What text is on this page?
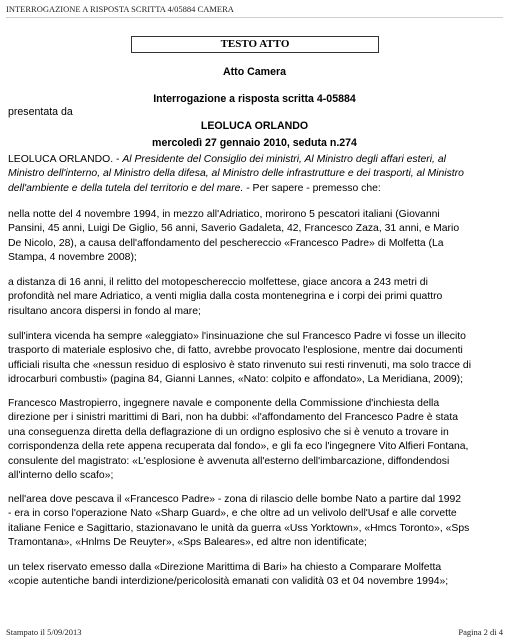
INTERROGAZIONE A RISPOSTA SCRITTA 4/05884 CAMERA
TESTO ATTO
Atto Camera
Interrogazione a risposta scritta 4-05884
presentata da
LEOLUCA ORLANDO
mercoledì 27 gennaio 2010, seduta n.274
LEOLUCA ORLANDO. - Al Presidente del Consiglio dei ministri, Al Ministro degli affari esteri, al
Ministro dell'interno, al Ministro della difesa, al Ministro delle infrastrutture e dei trasporti, al Ministro
dell'ambiente e della tutela del territorio e del mare. - Per sapere - premesso che:
nella notte del 4 novembre 1994, in mezzo all'Adriatico, morirono 5 pescatori italiani (Giovanni
Pansini, 45 anni, Luigi De Giglio, 56 anni, Saverio Gadaleta, 42, Francesco Zaza, 31 anni, e Mario
De Nicolo, 28), a causa dell'affondamento del peschereccio «Francesco Padre» di Molfetta (La
Stampa, 4 novembre 2008);
a distanza di 16 anni, il relitto del motopeschereccio molfettese, giace ancora a 243 metri di
profondità nel mare Adriatico, a venti miglia dalla costa montenegrina e i corpi dei primi quattro
risultano ancora dispersi in fondo al mare;
sull'intera vicenda ha sempre «aleggiato» l'insinuazione che sul Francesco Padre vi fosse un illecito
trasporto di materiale esplosivo che, di fatto, avrebbe provocato l'esplosione, mentre dai documenti
ufficiali risulta che «nessun residuo di esplosivo è stato rinvenuto sui resti rinvenuti, ma solo tracce di
idrocarburi combusti» (pagina 84, Gianni Lannes, «Nato: colpito e affondato», La Meridiana, 2009);
Francesco Mastropierro, ingegnere navale e componente della Commissione d'inchiesta della
direzione per i sinistri marittimi di Bari, non ha dubbi: «l'affondamento del Francesco Padre è stata
una conseguenza diretta della deflagrazione di un ordigno esplosivo che si è venuto a trovare in
corrispondenza della rete appena recuperata dal fondo», e gli fa eco l'ingegnere Vito Alfieri Fontana,
consulente del magistrato: «L'esplosione è avvenuta all'esterno dell'imbarcazione, diffondendosi
all'interno dello scafo»;
nell'area dove pescava il «Francesco Padre» - zona di rilascio delle bombe Nato a partire dal 1992
- era in corso l'operazione Nato «Sharp Guard», e che oltre ad un velivolo dell'Usaf e alle corvette
italiane Fenice e Sagittario, stazionavano le unità da guerra «Uss Yorktown», «Hmcs Toronto», «Sps
Tramontana», «Hnlms De Reuyter», «Sps Baleares», ed altre non identificate;
un telex riservato emesso dalla «Direzione Marittima di Bari» ha chiesto a Comparare Molfetta
«copie autentiche bandi interdizione/pericolosità emanati con validità 03 et 04 novembre 1994»;
Stampato il 5/09/2013	Pagina 2 di 4
